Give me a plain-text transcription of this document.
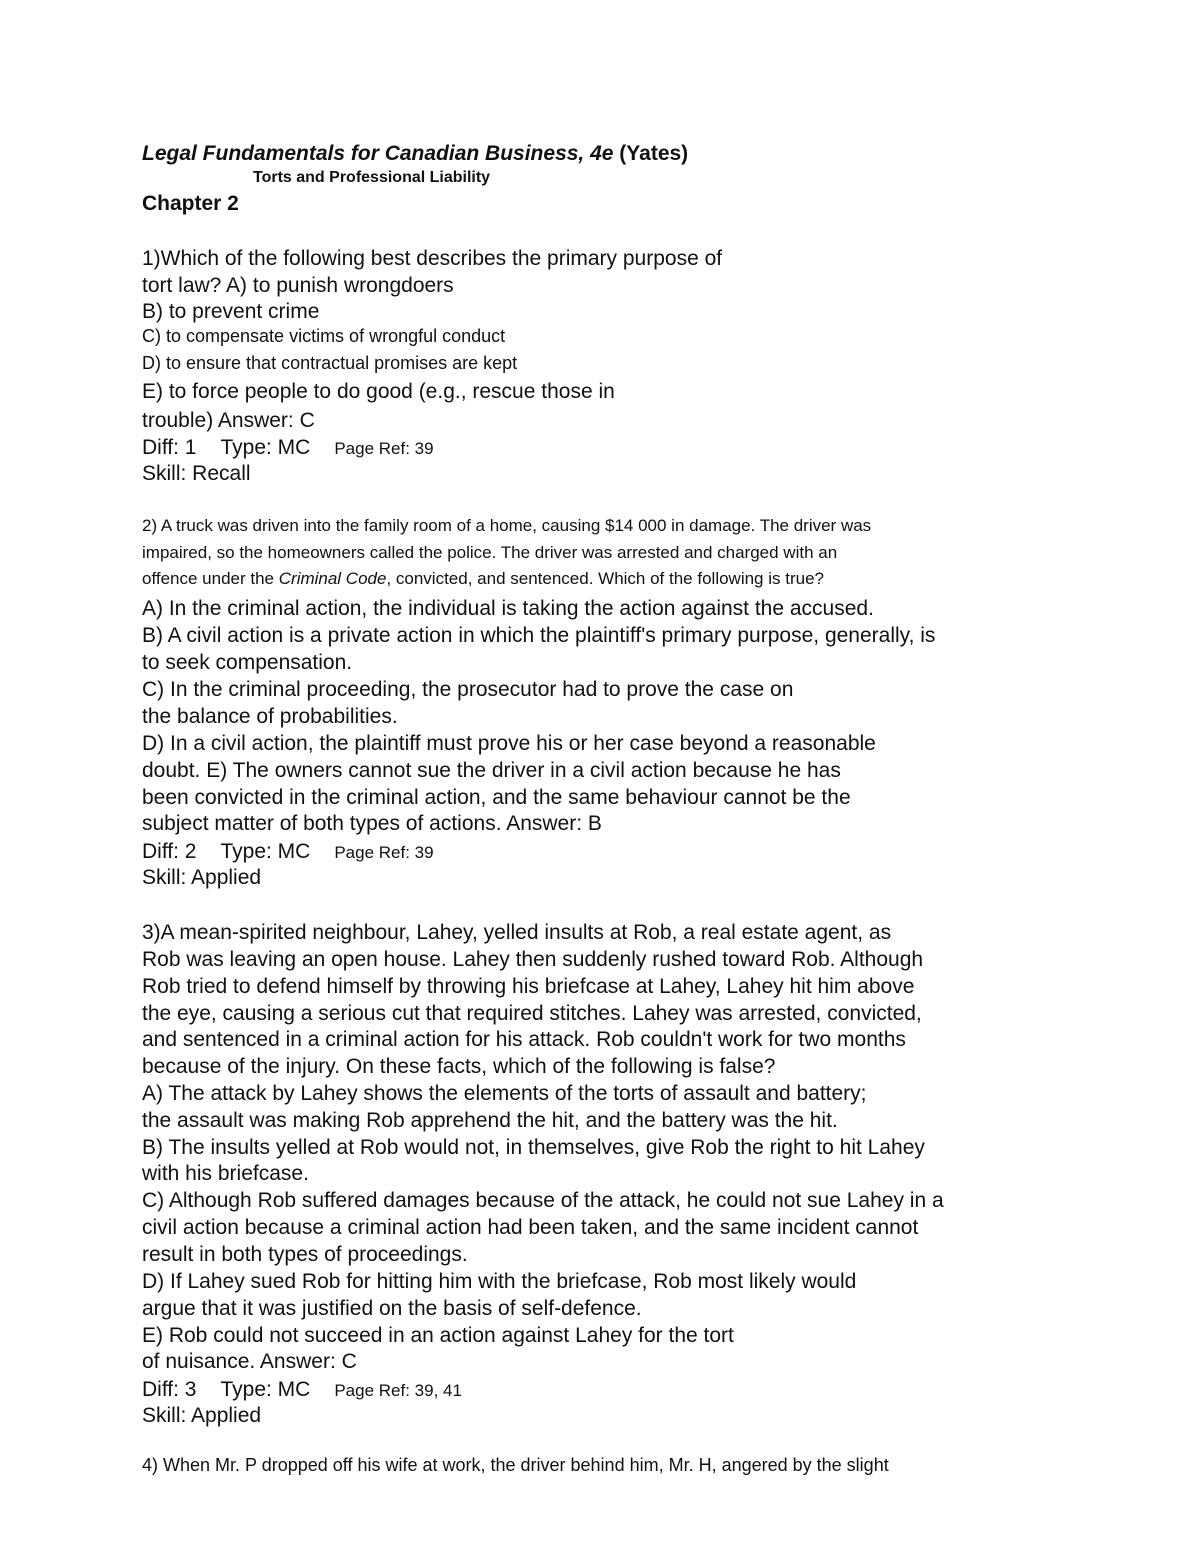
Legal Fundamentals for Canadian Business, 4e (Yates)
Torts and Professional Liability
Chapter 2
1)Which of the following best describes the primary purpose of
tort law? A) to punish wrongdoers
B) to prevent crime
C) to compensate victims of wrongful conduct
D) to ensure that contractual promises are kept
E) to force people to do good (e.g., rescue those in
trouble) Answer: C
Diff: 1 Type: MC Page Ref: 39
Skill: Recall
2) A truck was driven into the family room of a home, causing $14 000 in damage. The driver was
impaired, so the homeowners called the police. The driver was arrested and charged with an
offence under the Criminal Code, convicted, and sentenced. Which of the following is true?
A) In the criminal action, the individual is taking the action against the accused.
B) A civil action is a private action in which the plaintiff's primary purpose, generally, is
to seek compensation.
C) In the criminal proceeding, the prosecutor had to prove the case on
the balance of probabilities.
D) In a civil action, the plaintiff must prove his or her case beyond a reasonable
doubt. E) The owners cannot sue the driver in a civil action because he has
been convicted in the criminal action, and the same behaviour cannot be the
subject matter of both types of actions. Answer: B
Diff: 2 Type: MC Page Ref: 39
Skill: Applied
3)A mean-spirited neighbour, Lahey, yelled insults at Rob, a real estate agent, as
Rob was leaving an open house. Lahey then suddenly rushed toward Rob. Although
Rob tried to defend himself by throwing his briefcase at Lahey, Lahey hit him above
the eye, causing a serious cut that required stitches. Lahey was arrested, convicted,
and sentenced in a criminal action for his attack. Rob couldn't work for two months
because of the injury. On these facts, which of the following is false?
A) The attack by Lahey shows the elements of the torts of assault and battery;
the assault was making Rob apprehend the hit, and the battery was the hit.
B) The insults yelled at Rob would not, in themselves, give Rob the right to hit Lahey
with his briefcase.
C) Although Rob suffered damages because of the attack, he could not sue Lahey in a
civil action because a criminal action had been taken, and the same incident cannot
result in both types of proceedings.
D) If Lahey sued Rob for hitting him with the briefcase, Rob most likely would
argue that it was justified on the basis of self-defence.
E) Rob could not succeed in an action against Lahey for the tort
of nuisance. Answer: C
Diff: 3 Type: MC Page Ref: 39, 41
Skill: Applied
4) When Mr. P dropped off his wife at work, the driver behind him, Mr. H, angered by the slight
